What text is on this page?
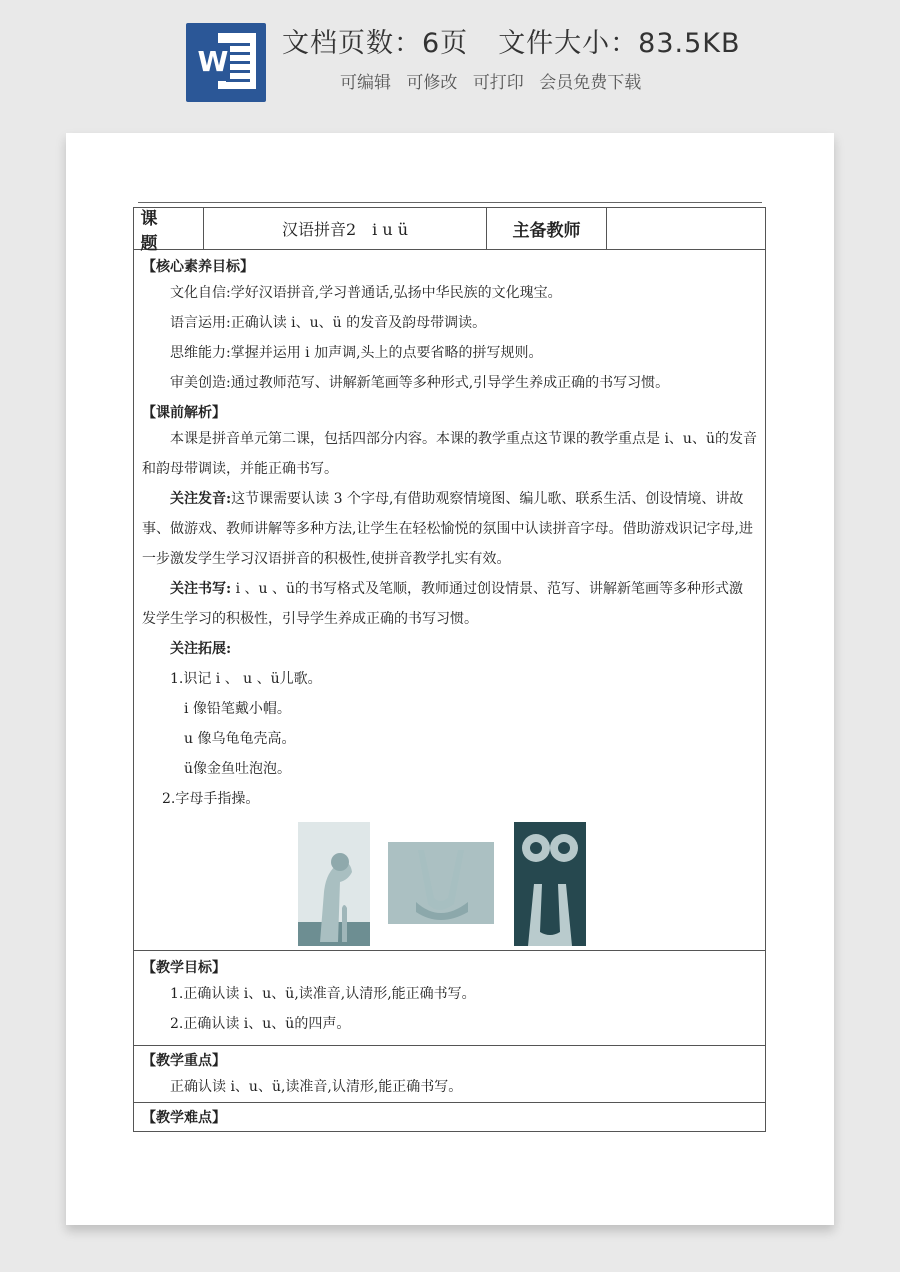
W
文档页数：6页 文件大小：83.5KB
可编辑 可修改 可打印 会员免费下载
课　题
汉语拼音2　i u ü	主备教师
【核心素养目标】
文化自信:学好汉语拼音,学习普通话,弘扬中华民族的文化瑰宝。
语言运用:正确认读 i、u、ü 的发音及韵母带调读。
思维能力:掌握并运用 i 加声调,头上的点要省略的拼写规则。
审美创造:通过教师范写、讲解新笔画等多种形式,引导学生养成正确的书写习惯。
【课前解析】
本课是拼音单元第二课，包括四部分内容。本课的教学重点这节课的教学重点是 i、u、ü的发音和韵母带调读，并能正确书写。
关注发音:这节课需要认读 3 个字母,有借助观察情境图、编儿歌、联系生活、创设情境、讲故事、做游戏、教师讲解等多种方法,让学生在轻松愉悦的氛围中认读拼音字母。借助游戏识记字母,进一步激发学生学习汉语拼音的积极性,使拼音教学扎实有效。
关注书写: i 、u 、ü的书写格式及笔顺，教师通过创设情景、范写、讲解新笔画等多种形式激发学生学习的积极性，引导学生养成正确的书写习惯。
关注拓展:
1.识记 i 、 u 、ü儿歌。
i 像铅笔戴小帽。
u 像乌龟龟壳高。
ü像金鱼吐泡泡。
2.字母手指操。
【教学目标】
1.正确认读 i、u、ü,读准音,认清形,能正确书写。
2.正确认读 i、u、ü的四声。
【教学重点】
正确认读 i、u、ü,读准音,认清形,能正确书写。
【教学难点】
